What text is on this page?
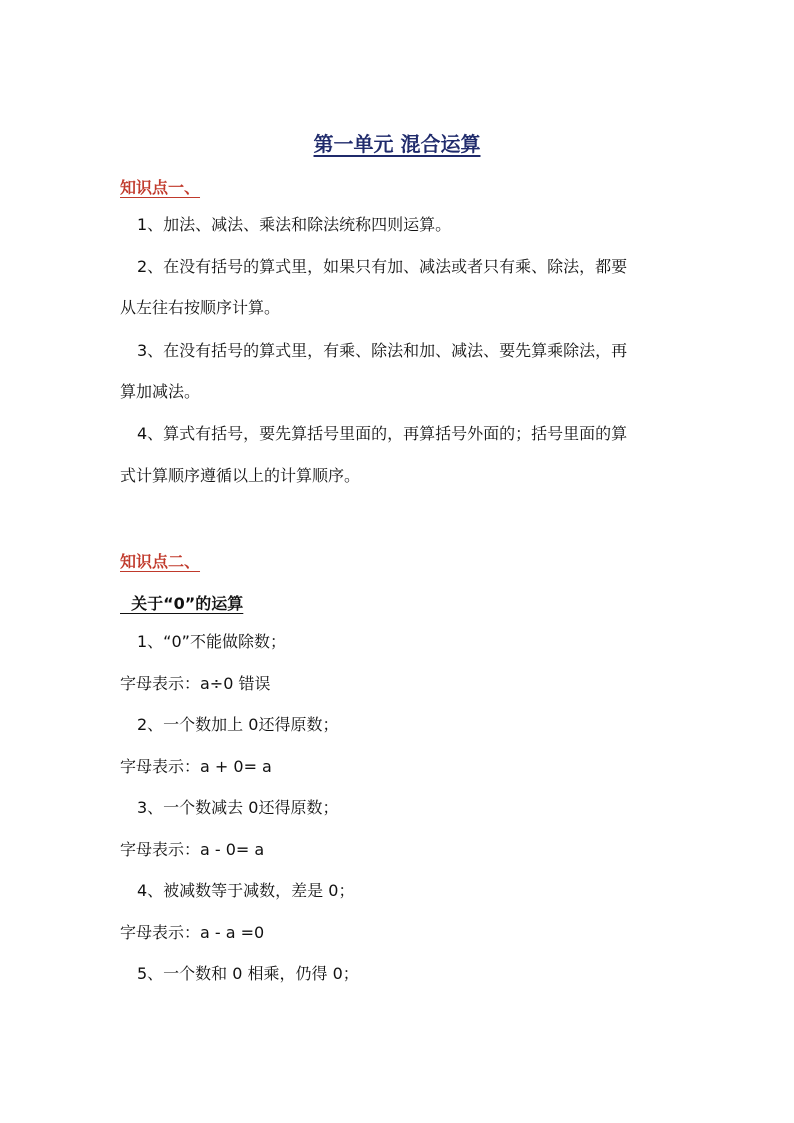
第一单元 混合运算
知识点一、
1、加法、减法、乘法和除法统称四则运算。
2、在没有括号的算式里，如果只有加、减法或者只有乘、除法，都要
从左往右按顺序计算。
3、在没有括号的算式里，有乘、除法和加、减法、要先算乘除法，再
算加减法。
4、算式有括号，要先算括号里面的，再算括号外面的；括号里面的算
式计算顺序遵循以上的计算顺序。
知识点二、
关于“0”的运算
1、“0”不能做除数；
字母表示：a÷0 错误
2、一个数加上 0还得原数；
字母表示：a + 0= a
3、一个数减去 0还得原数；
字母表示：a - 0= a
4、被减数等于减数，差是 0；
字母表示：a - a =0
5、一个数和 0 相乘，仍得 0；
